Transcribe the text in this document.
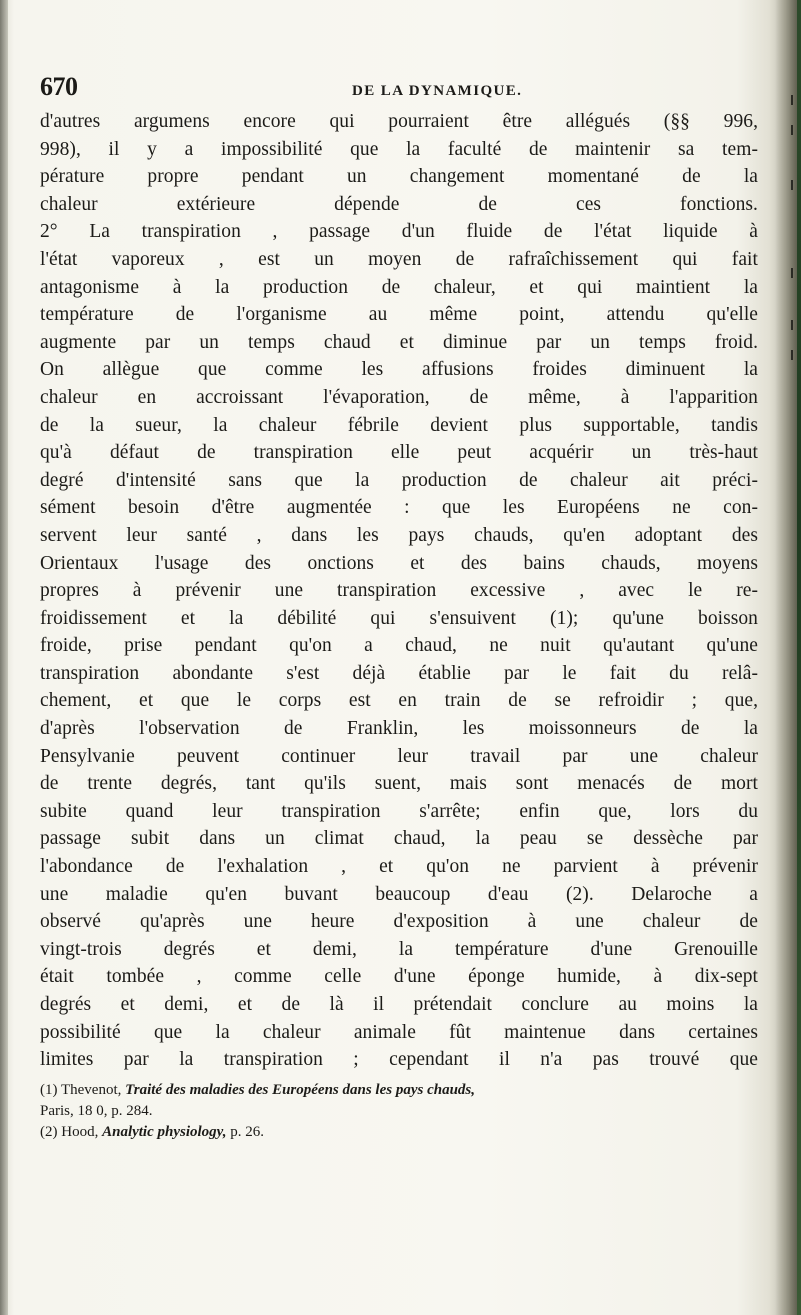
670	DE LA DYNAMIQUE.
d'autres argumens encore qui pourraient être allégués (§§ 996,
998), il y a impossibilité que la faculté de maintenir sa tem-
pérature propre pendant un changement momentané de la
chaleur extérieure dépende de ces fonctions.
2° La transpiration , passage d'un fluide de l'état liquide à
l'état vaporeux , est un moyen de rafraîchissement qui fait
antagonisme à la production de chaleur, et qui maintient la
température de l'organisme au même point, attendu qu'elle
augmente par un temps chaud et diminue par un temps froid.
On allègue que comme les affusions froides diminuent la
chaleur en accroissant l'évaporation, de même, à l'apparition
de la sueur, la chaleur fébrile devient plus supportable, tandis
qu'à défaut de transpiration elle peut acquérir un très-haut
degré d'intensité sans que la production de chaleur ait préci-
sément besoin d'être augmentée : que les Européens ne con-
servent leur santé , dans les pays chauds, qu'en adoptant des
Orientaux l'usage des onctions et des bains chauds, moyens
propres à prévenir une transpiration excessive , avec le re-
froidissement et la débilité qui s'ensuivent (1); qu'une boisson
froide, prise pendant qu'on a chaud, ne nuit qu'autant qu'une
transpiration abondante s'est déjà établie par le fait du relâ-
chement, et que le corps est en train de se refroidir ; que,
d'après l'observation de Franklin, les moissonneurs de la
Pensylvanie peuvent continuer leur travail par une chaleur
de trente degrés, tant qu'ils suent, mais sont menacés de mort
subite quand leur transpiration s'arrête; enfin que, lors du
passage subit dans un climat chaud, la peau se dessèche par
l'abondance de l'exhalation , et qu'on ne parvient à prévenir
une maladie qu'en buvant beaucoup d'eau (2). Delaroche a
observé qu'après une heure d'exposition à une chaleur de
vingt-trois degrés et demi, la température d'une Grenouille
était tombée , comme celle d'une éponge humide, à dix-sept
degrés et demi, et de là il prétendait conclure au moins la
possibilité que la chaleur animale fût maintenue dans certaines
limites par la transpiration ; cependant il n'a pas trouvé que
(1) Thevenot, Traité des maladies des Européens dans les pays chauds,
Paris, 18 0, p. 284.
(2) Hood, Analytic physiology, p. 26.
